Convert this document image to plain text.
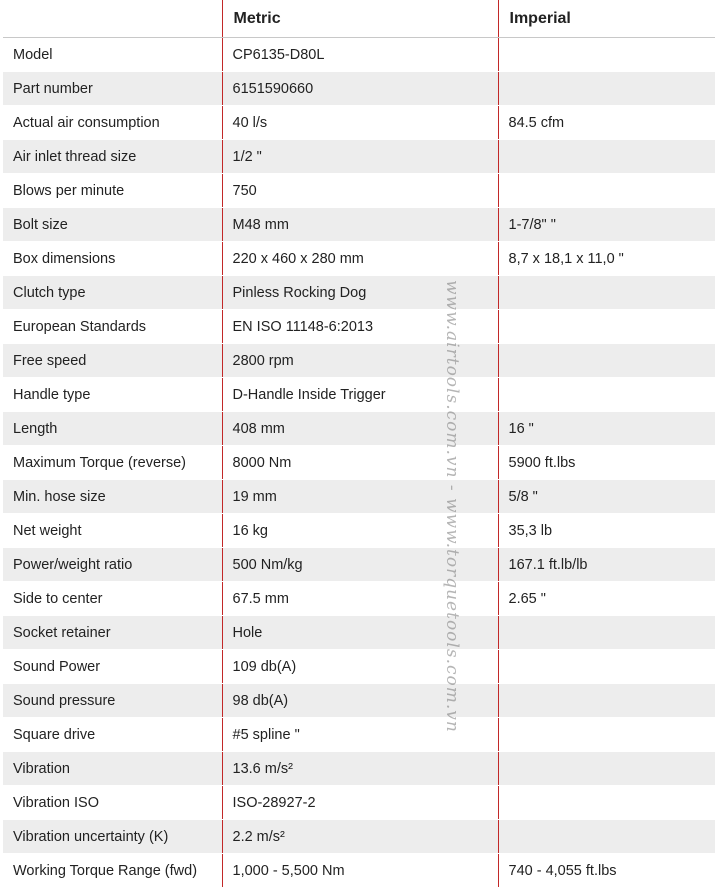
	Metric	Imperial
Model	CP6135-D80L	
Part number	6151590660	
Actual air consumption	40 l/s	84.5 cfm
Air inlet thread size	1/2 "	
Blows per minute	750	
Bolt size	M48 mm	1-7/8" "
Box dimensions	220 x 460 x 280 mm	8,7 x 18,1 x 11,0 "
Clutch type	Pinless Rocking Dog	
European Standards	EN ISO 11148-6:2013	
Free speed	2800 rpm	
Handle type	D-Handle Inside Trigger	
Length	408 mm	16 "
Maximum Torque (reverse)	8000 Nm	5900 ft.lbs
Min. hose size	19 mm	5/8 "
Net weight	16 kg	35,3 lb
Power/weight ratio	500 Nm/kg	167.1 ft.lb/lb
Side to center	67.5 mm	2.65 "
Socket retainer	Hole	
Sound Power	109 db(A)	
Sound pressure	98 db(A)	
Square drive	#5 spline "	
Vibration	13.6 m/s²	
Vibration ISO	ISO-28927-2	
Vibration uncertainty (K)	2.2 m/s²	
Working Torque Range (fwd)	1,000 - 5,500 Nm	740 - 4,055 ft.lbs
www.airtools.com.vn - www.torquetools.com.vn
